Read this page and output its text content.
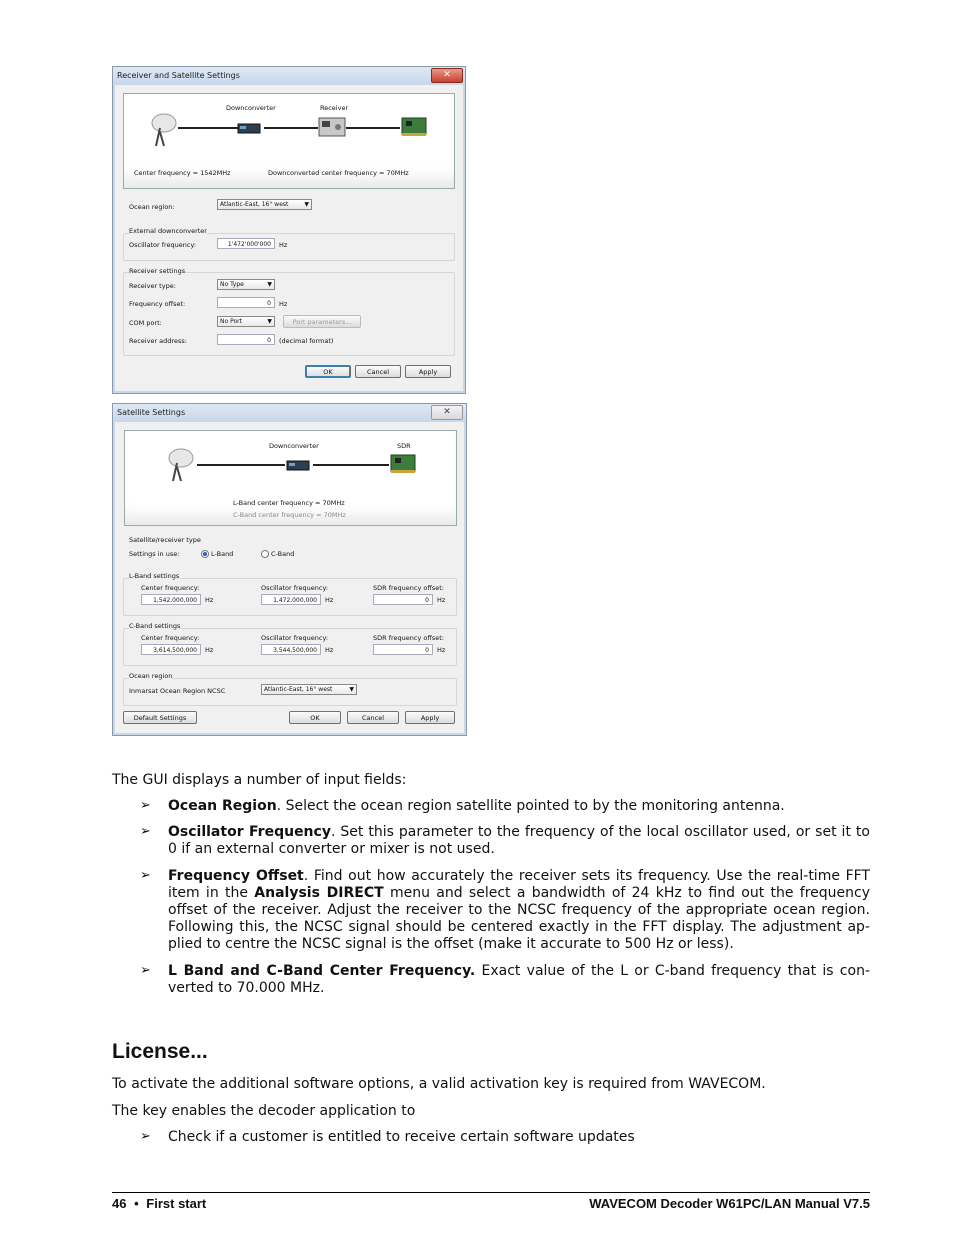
Receiver and Satellite Settings	✕
Downconverter	Receiver
Center frequency = 1542MHz	Downconverted center frequency = 70MHz
Ocean region:	Atlantic-East, 16° west	▼
External downconverter
Oscillator frequency:	1'472'000'000	Hz
Receiver settings
Receiver type:	No Type	▼
Frequency offset:	0	Hz
COM port:	No Port	▼	Port parameters...
Receiver address:	0	(decimal format)
OK	Cancel	Apply
Satellite Settings	✕
Downconverter	SDR
L-Band center frequency = 70MHz
C-Band center frequency = 70MHz
Satellite/receiver type
Settings in use:	L-Band	C-Band
L-Band settings
Center frequency:	Oscillator frequency:	SDR frequency offset:
1,542,000,000	Hz	1,472,000,000	Hz	0	Hz
C-Band settings
Center frequency:	Oscillator frequency:	SDR frequency offset:
3,614,500,000	Hz	3,544,500,000	Hz	0	Hz
Ocean region
Inmarsat Ocean Region NCSC	Atlantic-East, 16° west	▼
Default Settings	OK	Cancel	Apply
The GUI displays a number of input fields:
➢ Ocean Region. Select the ocean region satellite pointed to by the monitoring antenna.
➢ Oscillator Frequency. Set this parameter to the frequency of the local oscillator used, or set it to 0 if an external converter or mixer is not used.
➢ Frequency Offset. Find out how accurately the receiver sets its frequency. Use the real-time FFT item in the Analysis DIRECT menu and select a bandwidth of 24 kHz to find out the frequency offset of the receiver. Adjust the receiver to the NCSC frequency of the appropriate ocean region. Following this, the NCSC signal should be centered exactly in the FFT display. The adjustment ap-plied to centre the NCSC signal is the offset (make it accurate to 500 Hz or less).
➢ L Band and C-Band Center Frequency. Exact value of the L or C-band frequency that is con-verted to 70.000 MHz.
License...
To activate the additional software options, a valid activation key is required from WAVECOM.
The key enables the decoder application to
➢ Check if a customer is entitled to receive certain software updates
46 • First start	WAVECOM Decoder W61PC/LAN Manual V7.5
